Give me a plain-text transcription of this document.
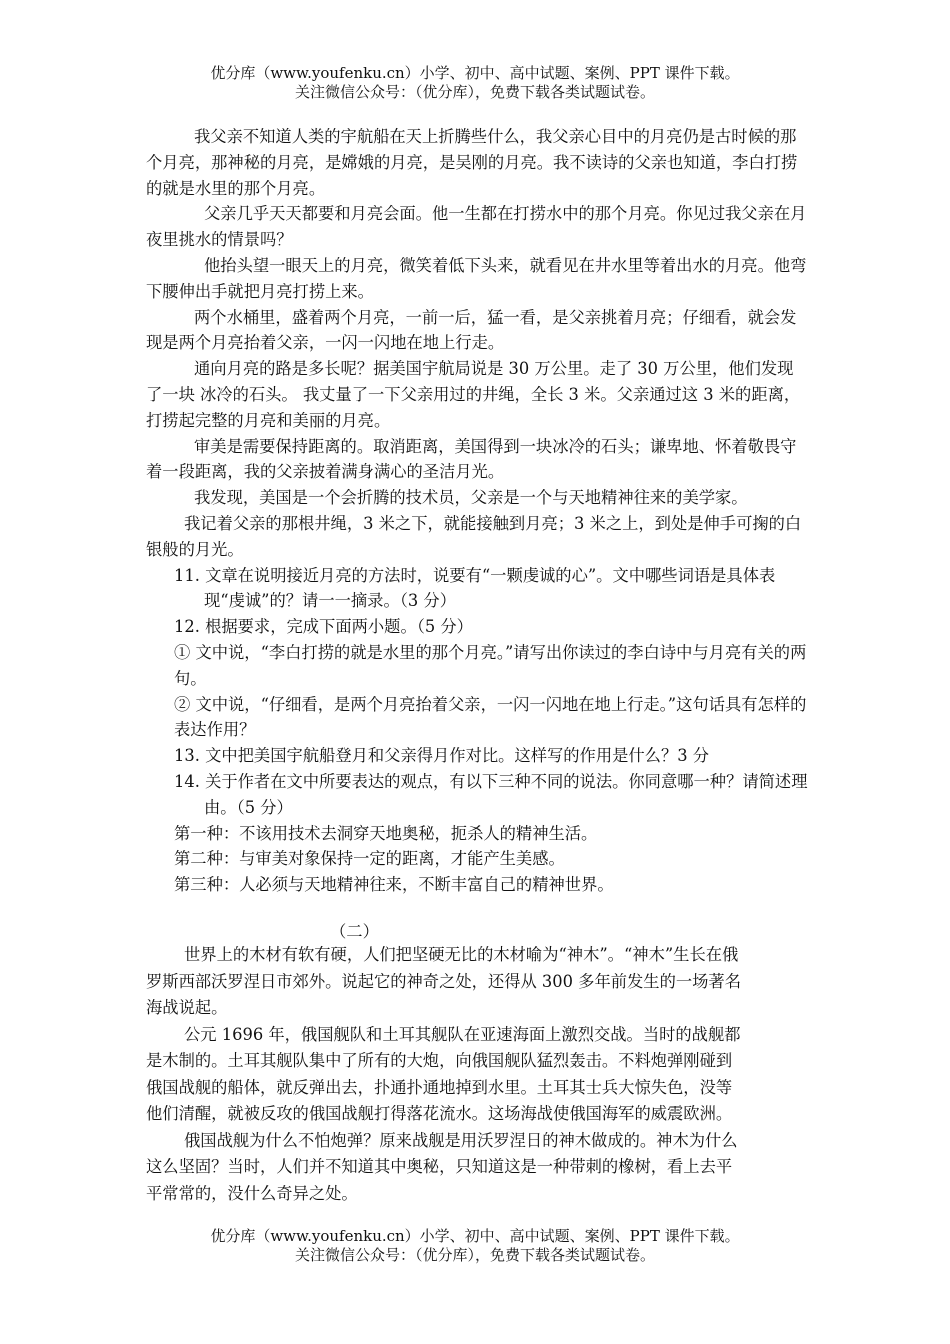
优分库（www.youfenku.cn）小学、初中、高中试题、案例、PPT 课件下载。
关注微信公众号：（优分库），免费下载各类试题试卷。

我父亲不知道人类的宇航船在天上折腾些什么，我父亲心目中的月亮仍是古时候的那个月亮，那神秘的月亮，是嫦娥的月亮，是吴刚的月亮。我不读诗的父亲也知道，李白打捞的就是水里的那个月亮。

父亲几乎天天都要和月亮会面。他一生都在打捞水中的那个月亮。你见过我父亲在月夜里挑水的情景吗？

他抬头望一眼天上的月亮，微笑着低下头来，就看见在井水里等着出水的月亮。他弯下腰伸出手就把月亮打捞上来。

两个水桶里，盛着两个月亮，一前一后，猛一看，是父亲挑着月亮；仔细看，就会发现是两个月亮抬着父亲，一闪一闪地在地上行走。

通向月亮的路是多长呢？据美国宇航局说是 30 万公里。走了 30 万公里，他们发现了一块 冰冷的石头。 我丈量了一下父亲用过的井绳，全长 3 米。父亲通过这 3 米的距离，打捞起完整的月亮和美丽的月亮。

审美是需要保持距离的。取消距离，美国得到一块冰冷的石头；谦卑地、怀着敬畏守着一段距离，我的父亲披着满身满心的圣洁月光。

我发现，美国是一个会折腾的技术员，父亲是一个与天地精神往来的美学家。

我记着父亲的那根井绳，3 米之下，就能接触到月亮；3 米之上，到处是伸手可掬的白银般的月光。

11. 文章在说明接近月亮的方法时，说要有“一颗虔诚的心”。文中哪些词语是具体表现“虔诚”的？请一一摘录。（3 分）

12. 根据要求，完成下面两小题。（5 分）

① 文中说，“李白打捞的就是水里的那个月亮。”请写出你读过的李白诗中与月亮有关的两句。

② 文中说，“仔细看，是两个月亮抬着父亲，一闪一闪地在地上行走。”这句话具有怎样的表达作用？

13. 文中把美国宇航船登月和父亲得月作对比。这样写的作用是什么？3 分

14. 关于作者在文中所要表达的观点，有以下三种不同的说法。你同意哪一种？请简述理由。（5 分）

第一种：不该用技术去洞穿天地奥秘，扼杀人的精神生活。

第二种：与审美对象保持一定的距离，才能产生美感。

第三种：人必须与天地精神往来，不断丰富自己的精神世界。

（二）

世界上的木材有软有硬，人们把坚硬无比的木材喻为“神木”。“神木”生长在俄罗斯西部沃罗涅日市郊外。说起它的神奇之处，还得从 300 多年前发生的一场著名海战说起。

公元 1696 年，俄国舰队和土耳其舰队在亚速海面上激烈交战。当时的战舰都是木制的。土耳其舰队集中了所有的大炮，向俄国舰队猛烈轰击。不料炮弹刚碰到俄国战舰的船体，就反弹出去，扑通扑通地掉到水里。土耳其士兵大惊失色，没等他们清醒，就被反攻的俄国战舰打得落花流水。这场海战使俄国海军的威震欧洲。

俄国战舰为什么不怕炮弹？原来战舰是用沃罗涅日的神木做成的。神木为什么这么坚固？当时，人们并不知道其中奥秘，只知道这是一种带刺的橡树，看上去平平常常的，没什么奇异之处。

优分库（www.youfenku.cn）小学、初中、高中试题、案例、PPT 课件下载。
关注微信公众号：（优分库），免费下载各类试题试卷。
